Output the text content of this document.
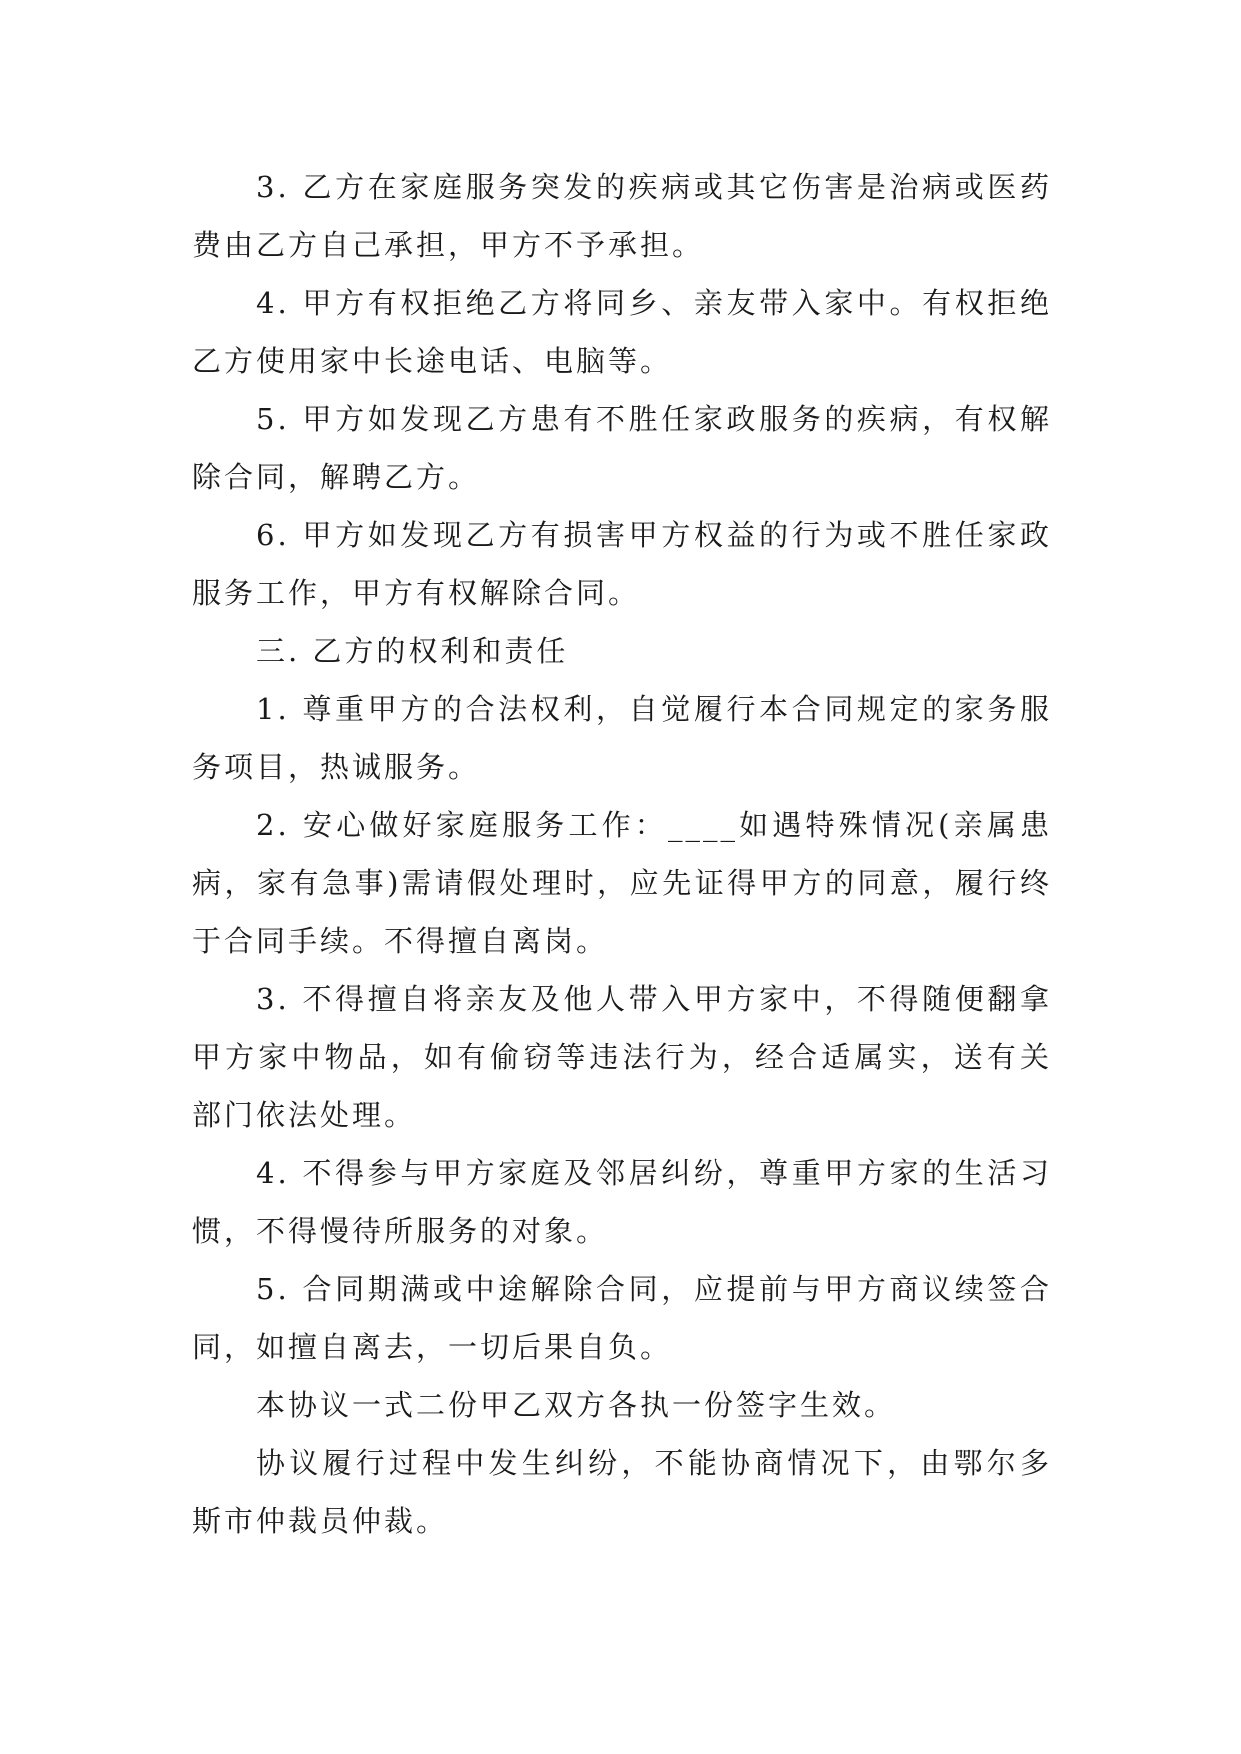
3. 乙方在家庭服务突发的疾病或其它伤害是治病或医药费由乙方自己承担，甲方不予承担。

4. 甲方有权拒绝乙方将同乡、亲友带入家中。有权拒绝乙方使用家中长途电话、电脑等。

5. 甲方如发现乙方患有不胜任家政服务的疾病，有权解除合同，解聘乙方。

6. 甲方如发现乙方有损害甲方权益的行为或不胜任家政服务工作，甲方有权解除合同。

三. 乙方的权利和责任

1. 尊重甲方的合法权利，自觉履行本合同规定的家务服务项目，热诚服务。

2. 安心做好家庭服务工作：____如遇特殊情况(亲属患病，家有急事)需请假处理时，应先证得甲方的同意，履行终于合同手续。不得擅自离岗。

3. 不得擅自将亲友及他人带入甲方家中，不得随便翻拿甲方家中物品，如有偷窃等违法行为，经合适属实，送有关部门依法处理。

4. 不得参与甲方家庭及邻居纠纷，尊重甲方家的生活习惯，不得慢待所服务的对象。

5. 合同期满或中途解除合同，应提前与甲方商议续签合同，如擅自离去，一切后果自负。

本协议一式二份甲乙双方各执一份签字生效。

协议履行过程中发生纠纷，不能协商情况下，由鄂尔多斯市仲裁员仲裁。
